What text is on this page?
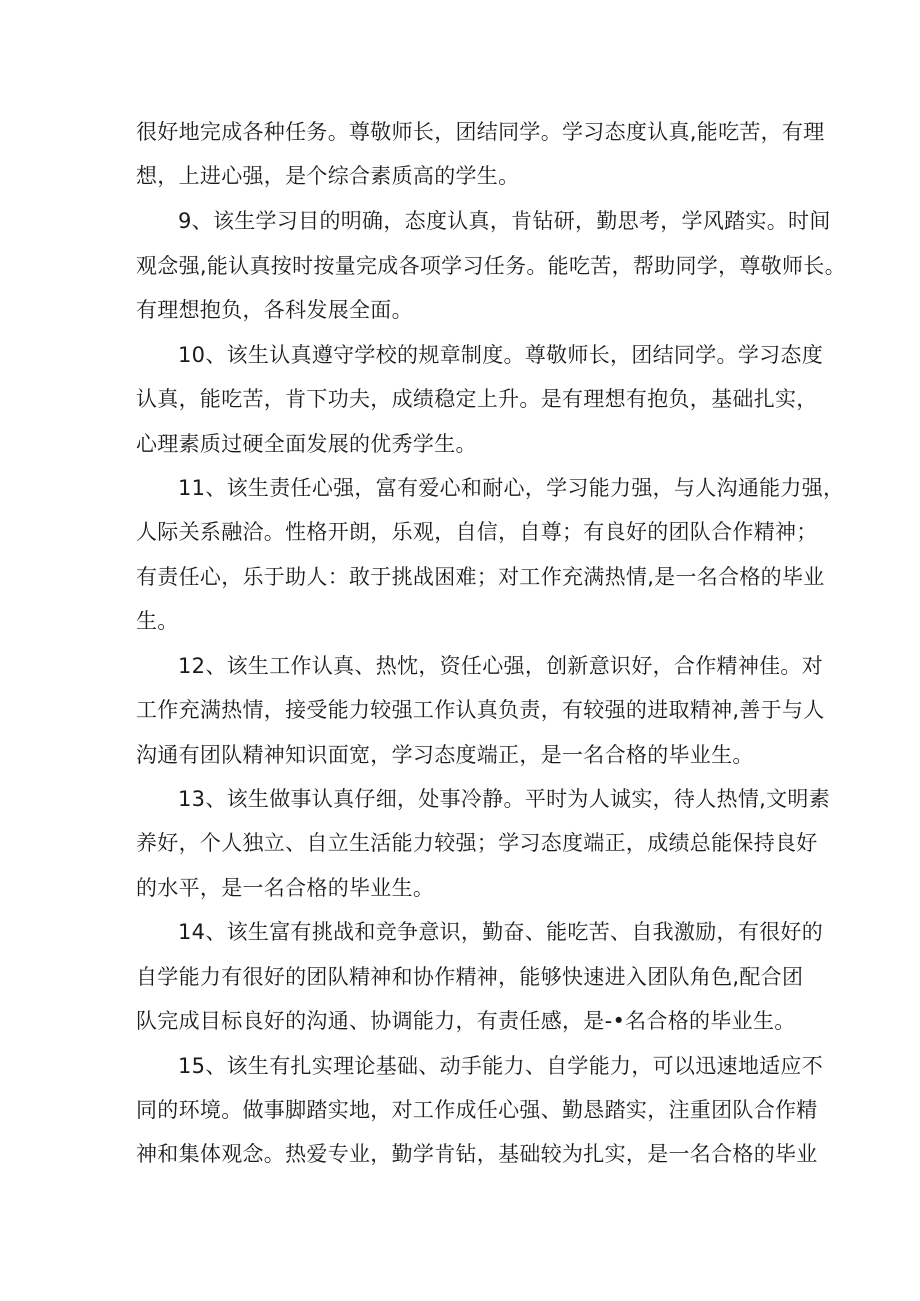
很好地完成各种任务。尊敬师长，团结同学。学习态度认真,能吃苦，有理
想，上进心强，是个综合素质高的学生。
9、该生学习目的明确，态度认真，肯钻研，勤思考，学风踏实。时间
观念强,能认真按时按量完成各项学习任务。能吃苦，帮助同学，尊敬师长。
有理想抱负，各科发展全面。
10、该生认真遵守学校的规章制度。尊敬师长，团结同学。学习态度
认真，能吃苦，肯下功夫，成绩稳定上升。是有理想有抱负，基础扎实，
心理素质过硬全面发展的优秀学生。
11、该生责任心强，富有爱心和耐心，学习能力强，与人沟通能力强，
人际关系融洽。性格开朗，乐观，自信，自尊；有良好的团队合作精神；
有责任心，乐于助人：敢于挑战困难；对工作充满热情,是一名合格的毕业
生。
12、该生工作认真、热忱，资任心强，创新意识好，合作精神佳。对
工作充满热情，接受能力较强工作认真负责，有较强的进取精神,善于与人
沟通有团队精神知识面宽，学习态度端正，是一名合格的毕业生。
13、该生做事认真仔细，处事冷静。平时为人诚实，待人热情,文明素
养好，个人独立、自立生活能力较强；学习态度端正，成绩总能保持良好
的水平，是一名合格的毕业生。
14、该生富有挑战和竞争意识，勤奋、能吃苦、自我激励，有很好的
自学能力有很好的团队精神和协作精神，能够快速进入团队角色,配合团
队完成目标良好的沟通、协调能力，有责任感，是-•名合格的毕业生。
15、该生有扎实理论基础、动手能力、自学能力，可以迅速地适应不
同的环境。做事脚踏实地，对工作成任心强、勤恳踏实，注重团队合作精
神和集体观念。热爱专业，勤学肯钻，基础较为扎实，是一名合格的毕业
